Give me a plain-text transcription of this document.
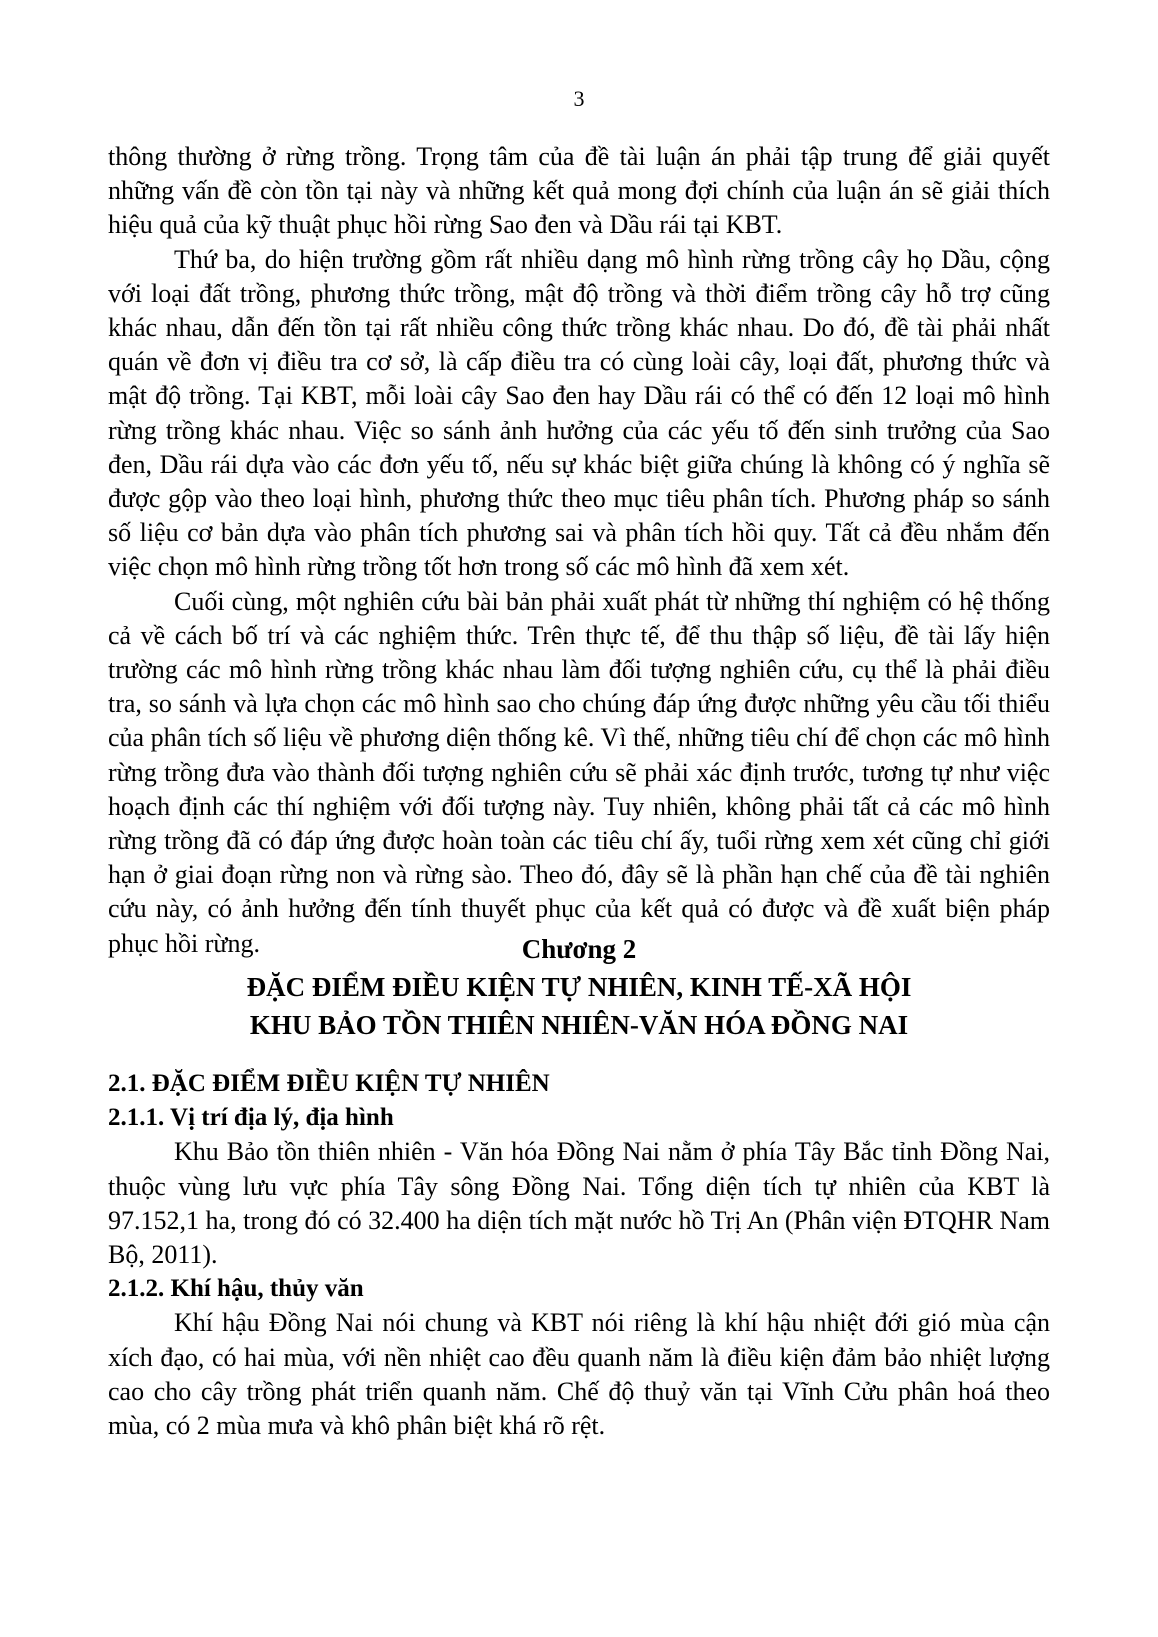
3

thông thường ở rừng trồng. Trọng tâm của đề tài luận án phải tập trung để giải quyết những vấn đề còn tồn tại này và những kết quả mong đợi chính của luận án sẽ giải thích hiệu quả của kỹ thuật phục hồi rừng Sao đen và Dầu rái tại KBT.

Thứ ba, do hiện trường gồm rất nhiều dạng mô hình rừng trồng cây họ Dầu, cộng với loại đất trồng, phương thức trồng, mật độ trồng và thời điểm trồng cây hỗ trợ cũng khác nhau, dẫn đến tồn tại rất nhiều công thức trồng khác nhau. Do đó, đề tài phải nhất quán về đơn vị điều tra cơ sở, là cấp điều tra có cùng loài cây, loại đất, phương thức và mật độ trồng. Tại KBT, mỗi loài cây Sao đen hay Dầu rái có thể có đến 12 loại mô hình rừng trồng khác nhau. Việc so sánh ảnh hưởng của các yếu tố đến sinh trưởng của Sao đen, Dầu rái dựa vào các đơn yếu tố, nếu sự khác biệt giữa chúng là không có ý nghĩa sẽ được gộp vào theo loại hình, phương thức theo mục tiêu phân tích. Phương pháp so sánh số liệu cơ bản dựa vào phân tích phương sai và phân tích hồi quy. Tất cả đều nhắm đến việc chọn mô hình rừng trồng tốt hơn trong số các mô hình đã xem xét.

Cuối cùng, một nghiên cứu bài bản phải xuất phát từ những thí nghiệm có hệ thống cả về cách bố trí và các nghiệm thức. Trên thực tế, để thu thập số liệu, đề tài lấy hiện trường các mô hình rừng trồng khác nhau làm đối tượng nghiên cứu, cụ thể là phải điều tra, so sánh và lựa chọn các mô hình sao cho chúng đáp ứng được những yêu cầu tối thiểu của phân tích số liệu về phương diện thống kê. Vì thế, những tiêu chí để chọn các mô hình rừng trồng đưa vào thành đối tượng nghiên cứu sẽ phải xác định trước, tương tự như việc hoạch định các thí nghiệm với đối tượng này. Tuy nhiên, không phải tất cả các mô hình rừng trồng đã có đáp ứng được hoàn toàn các tiêu chí ấy, tuổi rừng xem xét cũng chỉ giới hạn ở giai đoạn rừng non và rừng sào. Theo đó, đây sẽ là phần hạn chế của đề tài nghiên cứu này, có ảnh hưởng đến tính thuyết phục của kết quả có được và đề xuất biện pháp phục hồi rừng.	Chương 2
ĐẶC ĐIỂM ĐIỀU KIỆN TỰ NHIÊN, KINH TẾ-XÃ HỘI
KHU BẢO TỒN THIÊN NHIÊN-VĂN HÓA ĐỒNG NAI

2.1. ĐẶC ĐIỂM ĐIỀU KIỆN TỰ NHIÊN

2.1.1. Vị trí địa lý, địa hình

Khu Bảo tồn thiên nhiên - Văn hóa Đồng Nai nằm ở phía Tây Bắc tỉnh Đồng Nai, thuộc vùng lưu vực phía Tây sông Đồng Nai. Tổng diện tích tự nhiên của KBT là 97.152,1 ha, trong đó có 32.400 ha diện tích mặt nước hồ Trị An (Phân viện ĐTQHR Nam Bộ, 2011).

2.1.2. Khí hậu, thủy văn

Khí hậu Đồng Nai nói chung và KBT nói riêng là khí hậu nhiệt đới gió mùa cận xích đạo, có hai mùa, với nền nhiệt cao đều quanh năm là điều kiện đảm bảo nhiệt lượng cao cho cây trồng phát triển quanh năm. Chế độ thuỷ văn tại Vĩnh Cửu phân hoá theo mùa, có 2 mùa mưa và khô phân biệt khá rõ rệt.
